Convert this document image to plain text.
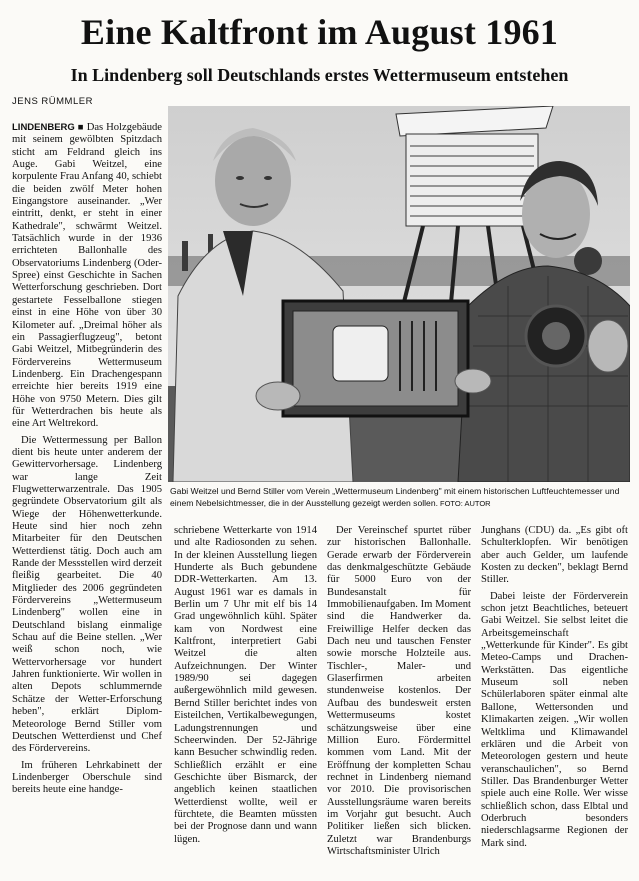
Eine Kaltfront im August 1961
In Lindenberg soll Deutschlands erstes Wettermuseum entstehen
JENS RÜMMLER

LINDENBERG ■ Das Holzgebäude mit seinem gewölbten Spitzdach sticht am Feldrand gleich ins Auge. Gabi Weitzel, eine korpulente Frau Anfang 40, schiebt die beiden zwölf Meter hohen Eingangstore auseinander. „Wer eintritt, denkt, er steht in einer Kathedrale", schwärmt Weitzel. Tatsächlich wurde in der 1936 errichteten Ballonhalle des Observatoriums Lindenberg (Oder-Spree) einst Geschichte in Sachen Wetterforschung geschrieben. Dort gestartete Fesselballone stiegen einst in eine Höhe von über 30 Kilometer auf. „Dreimal höher als ein Passagierflugzeug", betont Gabi Weitzel, Mitbegründerin des Fördervereins Wettermuseum Lindenberg. Ein Drachengespann erreichte hier bereits 1919 eine Höhe von 9750 Metern. Dies gilt für Wetterdrachen bis heute als eine Art Weltrekord.

Die Wettermessung per Ballon dient bis heute unter anderem der Gewittervorhersage. Lindenberg war lange Zeit Flugwetterwarzentrale. Das 1905 gegründete Observatorium gilt als Wiege der Höhenwetterkunde. Heute sind hier noch zehn Mitarbeiter für den Deutschen Wetterdienst tätig. Doch auch am Rande der Messstellen wird derzeit fleißig gearbeitet. Die 40 Mitglieder des 2006 gegründeten Fördervereins „Wettermuseum Lindenberg" wollen eine in Deutschland bislang einmalige Schau auf die Beine stellen. „Wer weiß schon noch, wie Wettervorhersage vor hundert Jahren funktionierte. Wir wollen in alten Depots schlummernde Schätze der Wetter-Erforschung heben", erklärt Diplom-Meteorologe Bernd Stiller vom Deutschen Wetterdienst und Chef des Fördervereins.

Im früheren Lehrkabinett der Lindenberger Oberschule sind bereits heute eine handge-

Gabi Weitzel und Bernd Stiller vom Verein „Wettermuseum Lindenberg" mit einem historischen Luftfeuchtemesser und einem Nebelsichtmesser, die in der Ausstellung gezeigt werden sollen. FOTO: AUTOR

schriebene Wetterkarte von 1914 und alte Radiosonden zu sehen. In der kleinen Ausstellung liegen Hunderte als Buch gebundene DDR-Wetterkarten. Am 13. August 1961 war es damals in Berlin um 7 Uhr mit elf bis 14 Grad ungewöhnlich kühl. Später kam von Nordwest eine Kaltfront, interpretiert Gabi Weitzel die alten Aufzeichnungen. Der Winter 1989/90 sei dagegen außergewöhnlich mild gewesen. Bernd Stiller berichtet indes von Eisteilchen, Vertikalbewegungen, Ladungstrennungen und Scheerwinden. Der 52-Jährige kann Besucher schwindlig reden. Schließlich erzählt er eine Geschichte über Bismarck, der angeblich keinen staatlichen Wetterdienst wollte, weil er fürchtete, die Beamten müssten bei der Prognose dann und wann lügen.

Der Vereinschef spurtet rüber zur historischen Ballonhalle. Gerade erwarb der Förderverein das denkmalgeschützte Gebäude für 5000 Euro von der Bundesanstalt für Immobilienaufgaben. Im Moment sind die Handwerker da. Freiwillige Helfer decken das Dach neu und tauschen Fenster sowie morsche Holzteile aus. Tischler-, Maler- und Glaserfirmen arbeiten stundenweise kostenlos. Der Aufbau des bundesweit ersten Wettermuseums kostet schätzungsweise über eine Million Euro. Fördermittel kommen vom Land. Mit der Eröffnung der kompletten Schau rechnet in Lindenberg niemand vor 2010. Die provisorischen Ausstellungsräume waren bereits im Vorjahr gut besucht. Auch Politiker ließen sich blicken. Zuletzt war Brandenburgs Wirtschaftsminister Ulrich

Junghans (CDU) da. „Es gibt oft Schulterklopfen. Wir benötigen aber auch Gelder, um laufende Kosten zu decken", beklagt Bernd Stiller.

Dabei leiste der Förderverein schon jetzt Beachtliches, beteuert Gabi Weitzel. Sie selbst leitet die Arbeitsgemeinschaft „Wetterkunde für Kinder". Es gibt Meteo-Camps und Drachen-Werkstätten. Das eigentliche Museum soll neben Schülerlaboren später einmal alte Ballone, Wettersonden und Klimakarten zeigen. „Wir wollen Weltklima und Klimawandel erklären und die Arbeit von Meteorologen gestern und heute veranschaulichen", so Bernd Stiller. Das Brandenburger Wetter spiele auch eine Rolle. Wer wisse schließlich schon, dass Elbtal und Oderbruch besonders niederschlagsarme Regionen der Mark sind.
